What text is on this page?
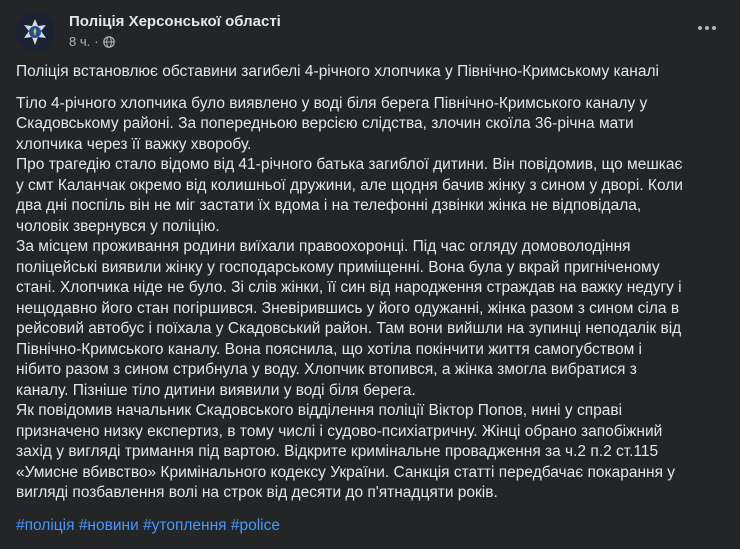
Поліція Херсонської області
8 ч. ·

Поліція встановлює обставини загибелі 4-річного хлопчика у Північно-Кримському каналі

Тіло 4-річного хлопчика було виявлено у воді біля берега Північно-Кримського каналу у

Скадовському районі. За попередньою версією слідства, злочин скоїла 36-річна мати

хлопчика через її важку хворобу.

Про трагедію стало відомо від 41-річного батька загиблої дитини. Він повідомив, що мешкає

у смт Каланчак окремо від колишньої дружини, але щодня бачив жінку з сином у дворі. Коли

два дні поспіль він не міг застати їх вдома і на телефонні дзвінки жінка не відповідала,

чоловік звернувся у поліцію.

За місцем проживання родини виїхали правоохоронці. Під час огляду домоволодіння

поліцейські виявили жінку у господарському приміщенні. Вона була у вкрай пригніченому

стані. Хлопчика ніде не було. Зі слів жінки, її син від народження страждав на важку недугу і

нещодавно його стан погіршився. Зневірившись у його одужанні, жінка разом з сином сіла в

рейсовий автобус і поїхала у Скадовський район. Там вони вийшли на зупинці неподалік від

Північно-Кримського каналу. Вона пояснила, що хотіла покінчити життя самогубством і

нібито разом з сином стрибнула у воду. Хлопчик втопився, а жінка змогла вибратися з

каналу. Пізніше тіло дитини виявили у воді біля берега.

Як повідомив начальник Скадовського відділення поліції Віктор Попов, нині у справі

призначено низку експертиз, в тому числі і судово-психіатричну. Жінці обрано запобіжний

захід у вигляді тримання під вартою. Відкрите кримінальне провадження за ч.2 п.2 ст.115

«Умисне вбивство» Кримінального кодексу України. Санкція статті передбачає покарання у

вигляді позбавлення волі на строк від десяти до п'ятнадцяти років.

#поліція #новини #утоплення #police
